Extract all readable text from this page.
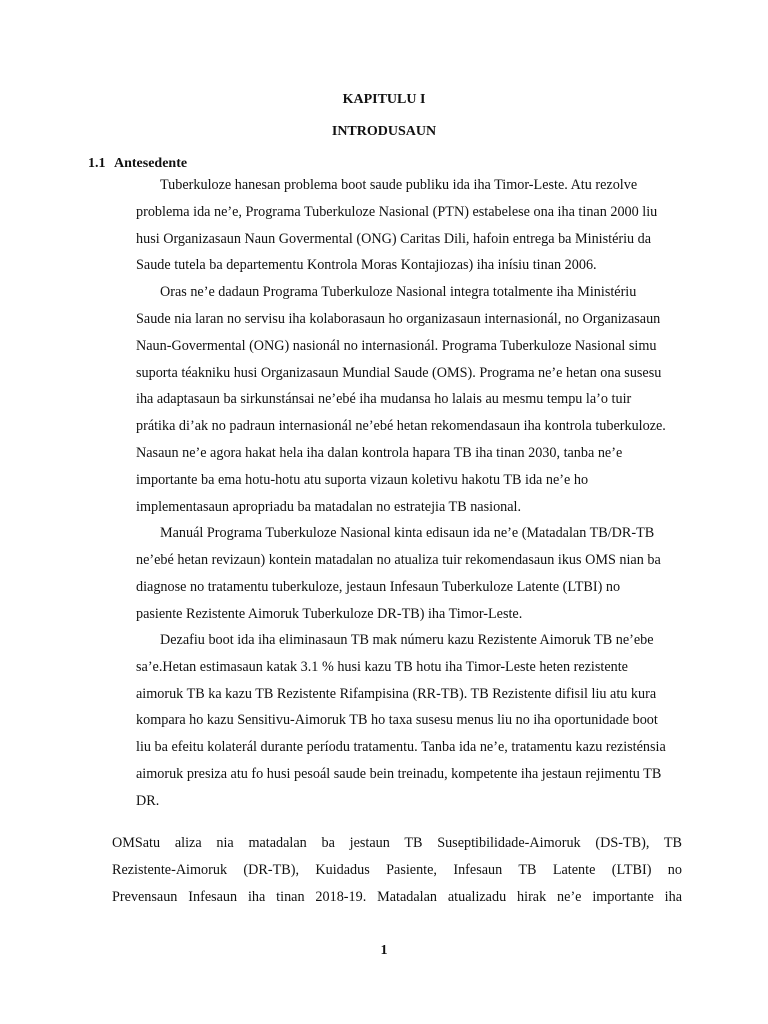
KAPITULU I
INTRODUSAUN
1.1 Antesedente

Tuberkuloze hanesan problema boot saude publiku ida iha Timor-Leste. Atu rezolve
problema ida ne’e, Programa Tuberkuloze Nasional (PTN) estabelese ona iha tinan 2000 liu
husi Organizasaun Naun Govermental (ONG) Caritas Dili, hafoin entrega ba Ministériu da
Saude tutela ba departementu Kontrola Moras Kontajiozas) iha inísiu tinan 2006.

Oras ne’e dadaun Programa Tuberkuloze Nasional integra totalmente iha Ministériu
Saude nia laran no servisu iha kolaborasaun ho organizasaun internasionál, no Organizasaun
Naun-Govermental (ONG) nasionál no internasionál. Programa Tuberkuloze Nasional simu
suporta téakniku husi Organizasaun Mundial Saude (OMS). Programa ne’e hetan ona susesu
iha adaptasaun ba sirkunstánsai ne’ebé iha mudansa ho lalais au mesmu tempu la’o tuir
prátika di’ak no padraun internasionál ne’ebé hetan rekomendasaun iha kontrola tuberkuloze.
Nasaun ne’e agora hakat hela iha dalan kontrola hapara TB iha tinan 2030, tanba ne’e
importante ba ema hotu-hotu atu suporta vizaun koletivu hakotu TB ida ne’e ho
implementasaun apropriadu ba matadalan no estratejia TB nasional.

Manuál Programa Tuberkuloze Nasional kinta edisaun ida ne’e (Matadalan TB/DR-TB
ne’ebé hetan revizaun) kontein matadalan no atualiza tuir rekomendasaun ikus OMS nian ba
diagnose no tratamentu tuberkuloze, jestaun Infesaun Tuberkuloze Latente (LTBI) no
pasiente Rezistente Aimoruk Tuberkuloze DR-TB) iha Timor-Leste.

Dezafiu boot ida iha eliminasaun TB mak númeru kazu Rezistente Aimoruk TB ne’ebe
sa’e.Hetan estimasaun katak 3.1 % husi kazu TB hotu iha Timor-Leste heten rezistente
aimoruk TB ka kazu TB Rezistente Rifampisina (RR-TB). TB Rezistente difisil liu atu kura
kompara ho kazu Sensitivu-Aimoruk TB ho taxa susesu menus liu no iha oportunidade boot
liu ba efeitu kolaterál durante períodu tratamentu. Tanba ida ne’e, tratamentu kazu rezisténsia
aimoruk presiza atu fo husi pesoál saude bein treinadu, kompetente iha jestaun rejimentu TB
DR.

OMSatu aliza nia matadalan ba jestaun TB Suseptibilidade-Aimoruk (DS-TB), TB
Rezistente-Aimoruk (DR-TB), Kuidadus Pasiente, Infesaun TB Latente (LTBI) no
Prevensaun Infesaun iha tinan 2018-19. Matadalan atualizadu hirak ne’e importante iha

1
